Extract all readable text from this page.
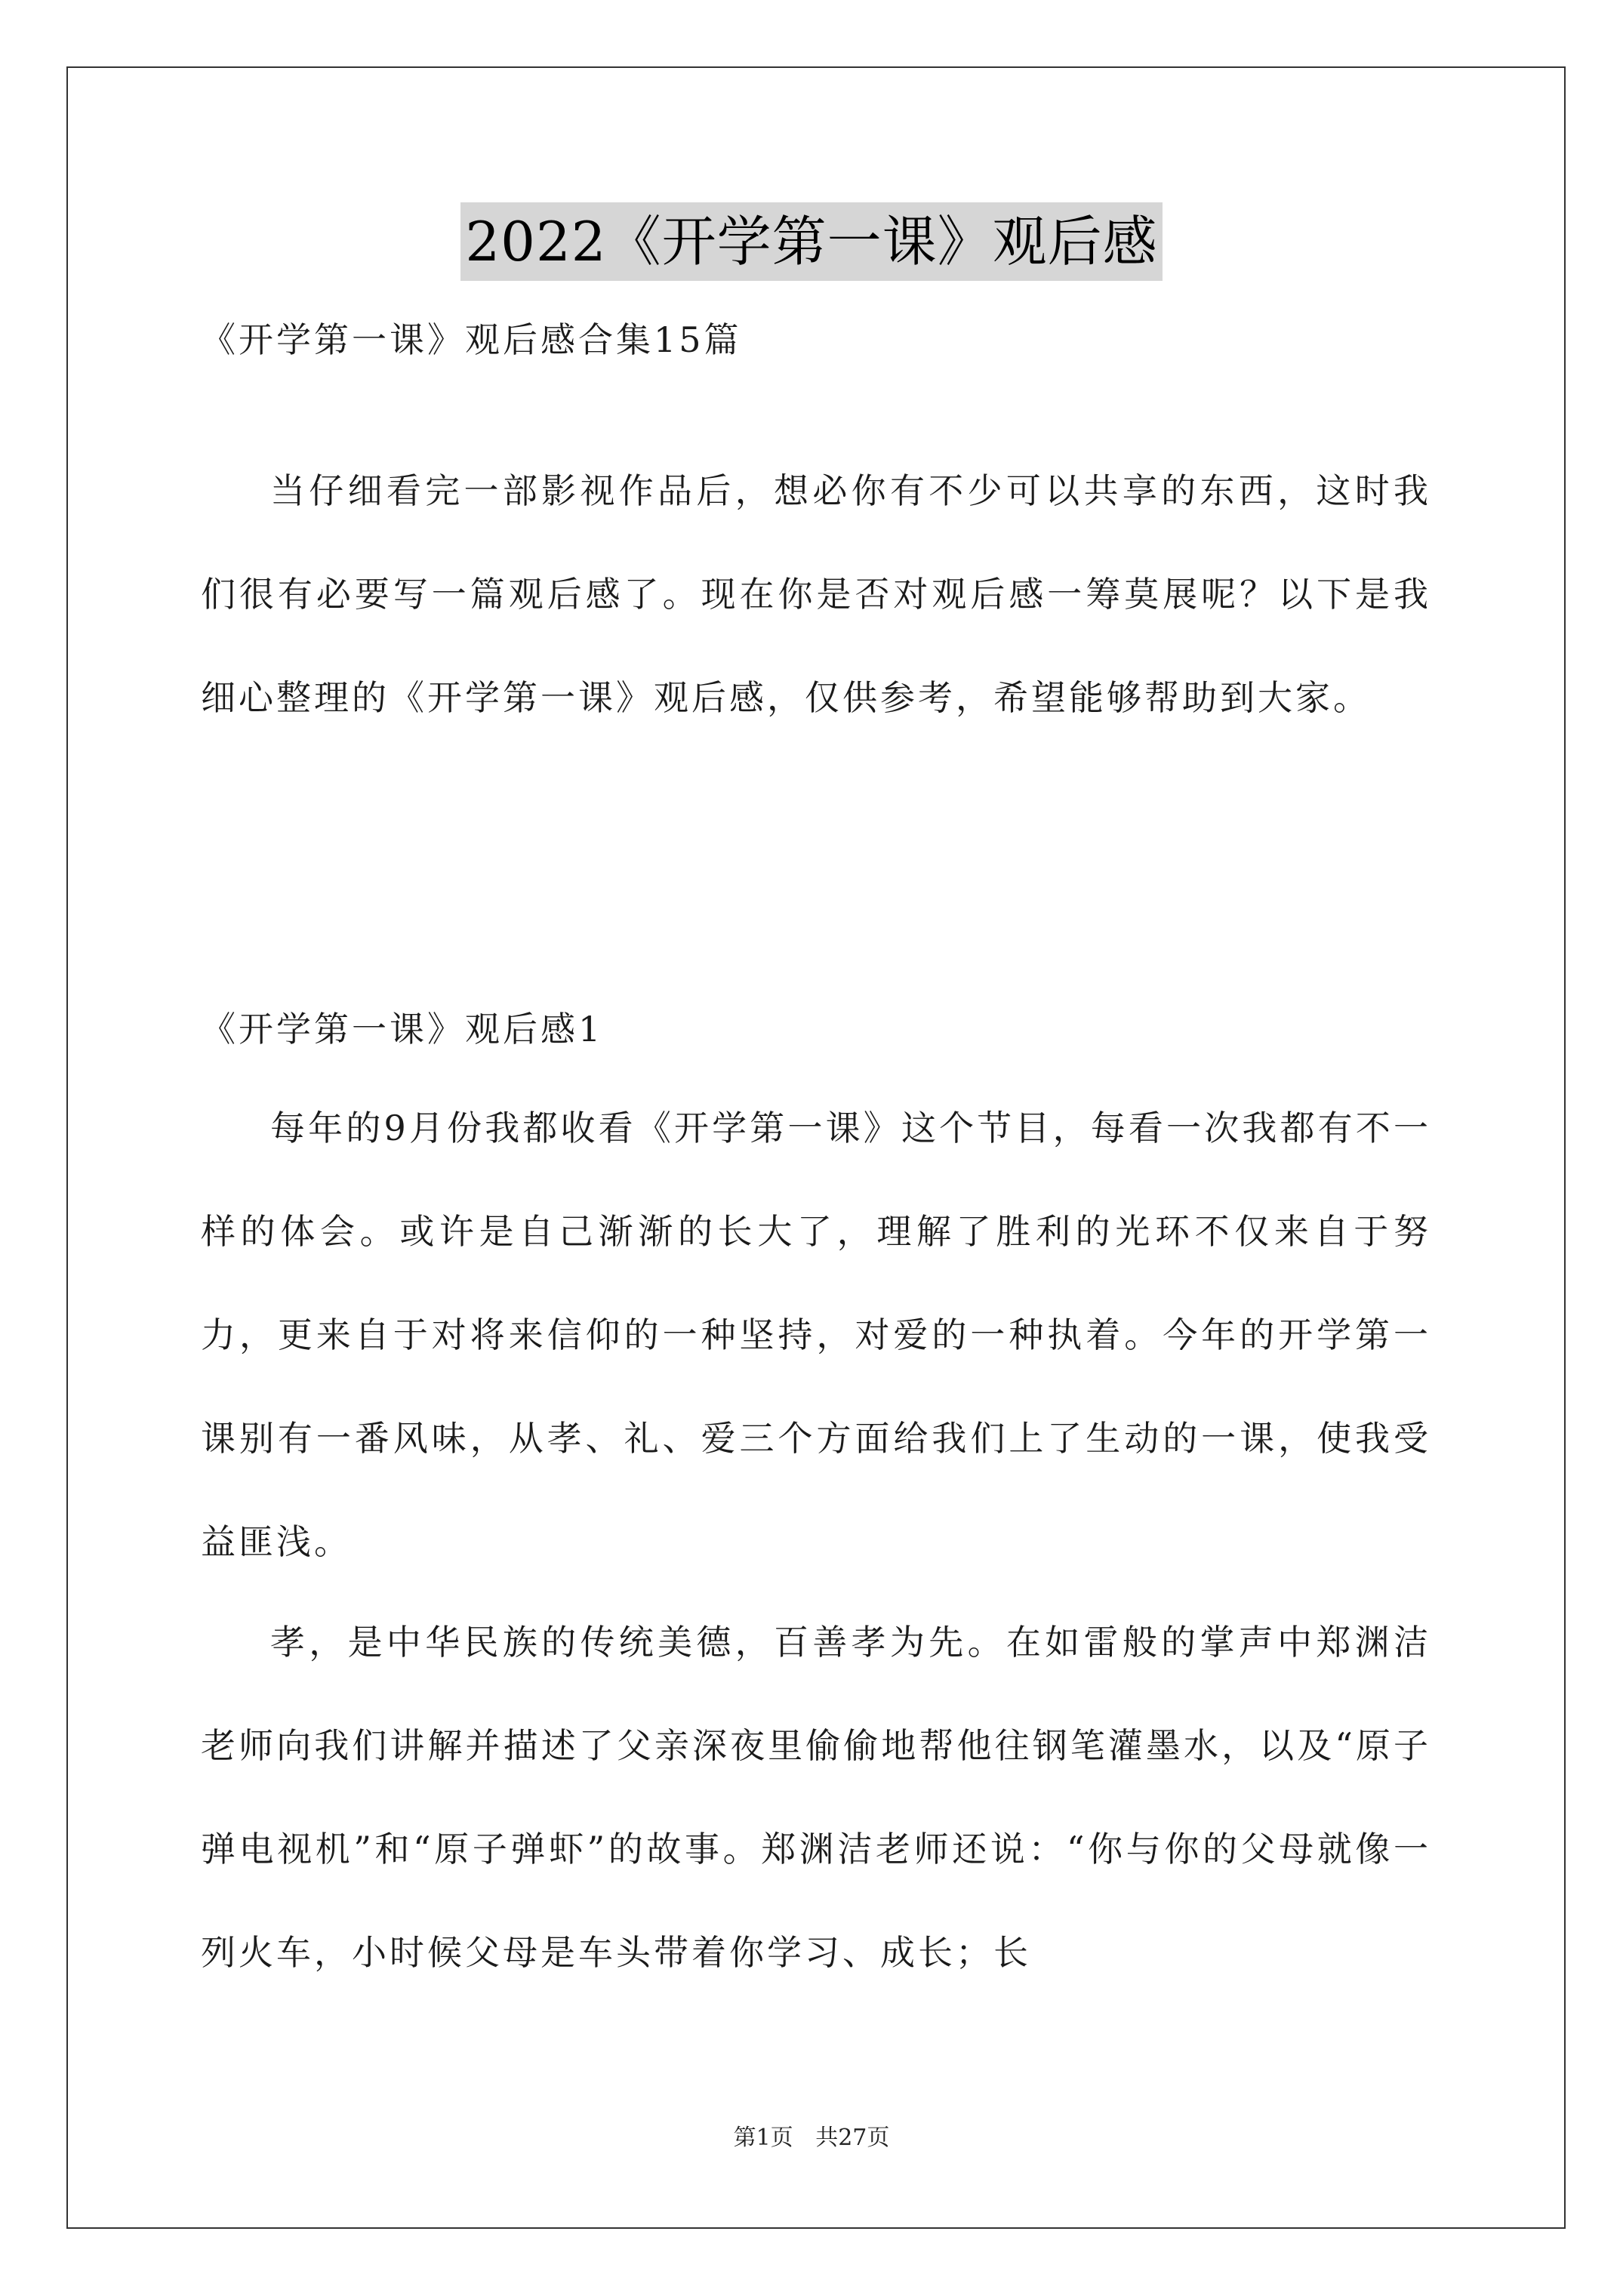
2022《开学第一课》观后感
《开学第一课》观后感合集15篇

当仔细看完一部影视作品后，想必你有不少可以共享的东西，这时我们很有必要写一篇观后感了。现在你是否对观后感一筹莫展呢？以下是我细心整理的《开学第一课》观后感，仅供参考，希望能够帮助到大家。

《开学第一课》观后感1

每年的9月份我都收看《开学第一课》这个节目，每看一次我都有不一样的体会。或许是自己渐渐的长大了，理解了胜利的光环不仅来自于努力，更来自于对将来信仰的一种坚持，对爱的一种执着。今年的开学第一课别有一番风味，从孝、礼、爱三个方面给我们上了生动的一课，使我受益匪浅。

孝，是中华民族的传统美德，百善孝为先。在如雷般的掌声中郑渊洁老师向我们讲解并描述了父亲深夜里偷偷地帮他往钢笔灌墨水，以及“原子弹电视机”和“原子弹虾”的故事。郑渊洁老师还说：“你与你的父母就像一列火车，小时候父母是车头带着你学习、成长；长

第1页 共27页
